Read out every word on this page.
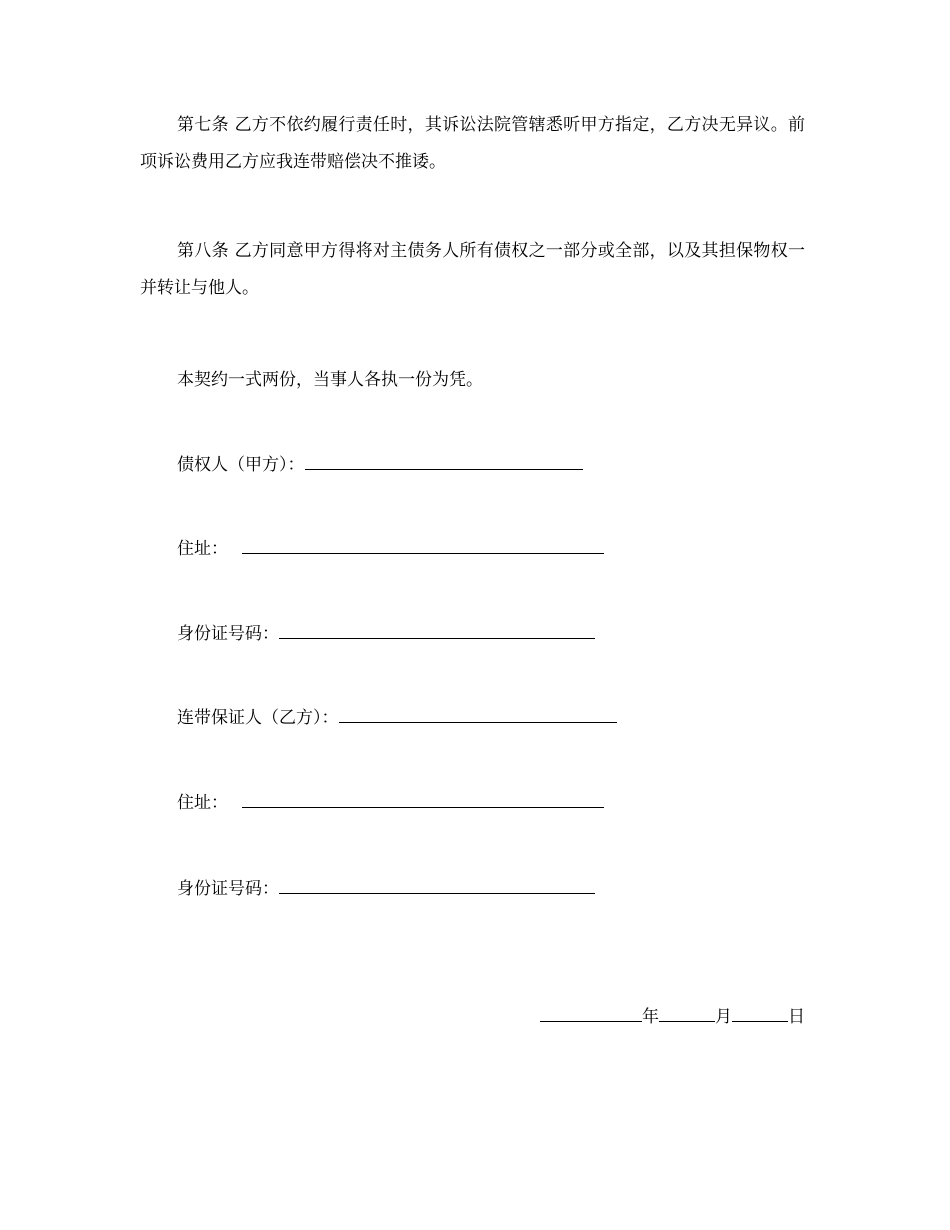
第七条 乙方不依约履行责任时，其诉讼法院管辖悉听甲方指定，乙方决无异议。前项诉讼费用乙方应我连带赔偿决不推诿。

第八条 乙方同意甲方得将对主债务人所有债权之一部分或全部，以及其担保物权一并转让与他人。

本契约一式两份，当事人各执一份为凭。

债权人（甲方）：
住址：
身份证号码：
连带保证人（乙方）：
住址：
身份证号码：
年	月	日
